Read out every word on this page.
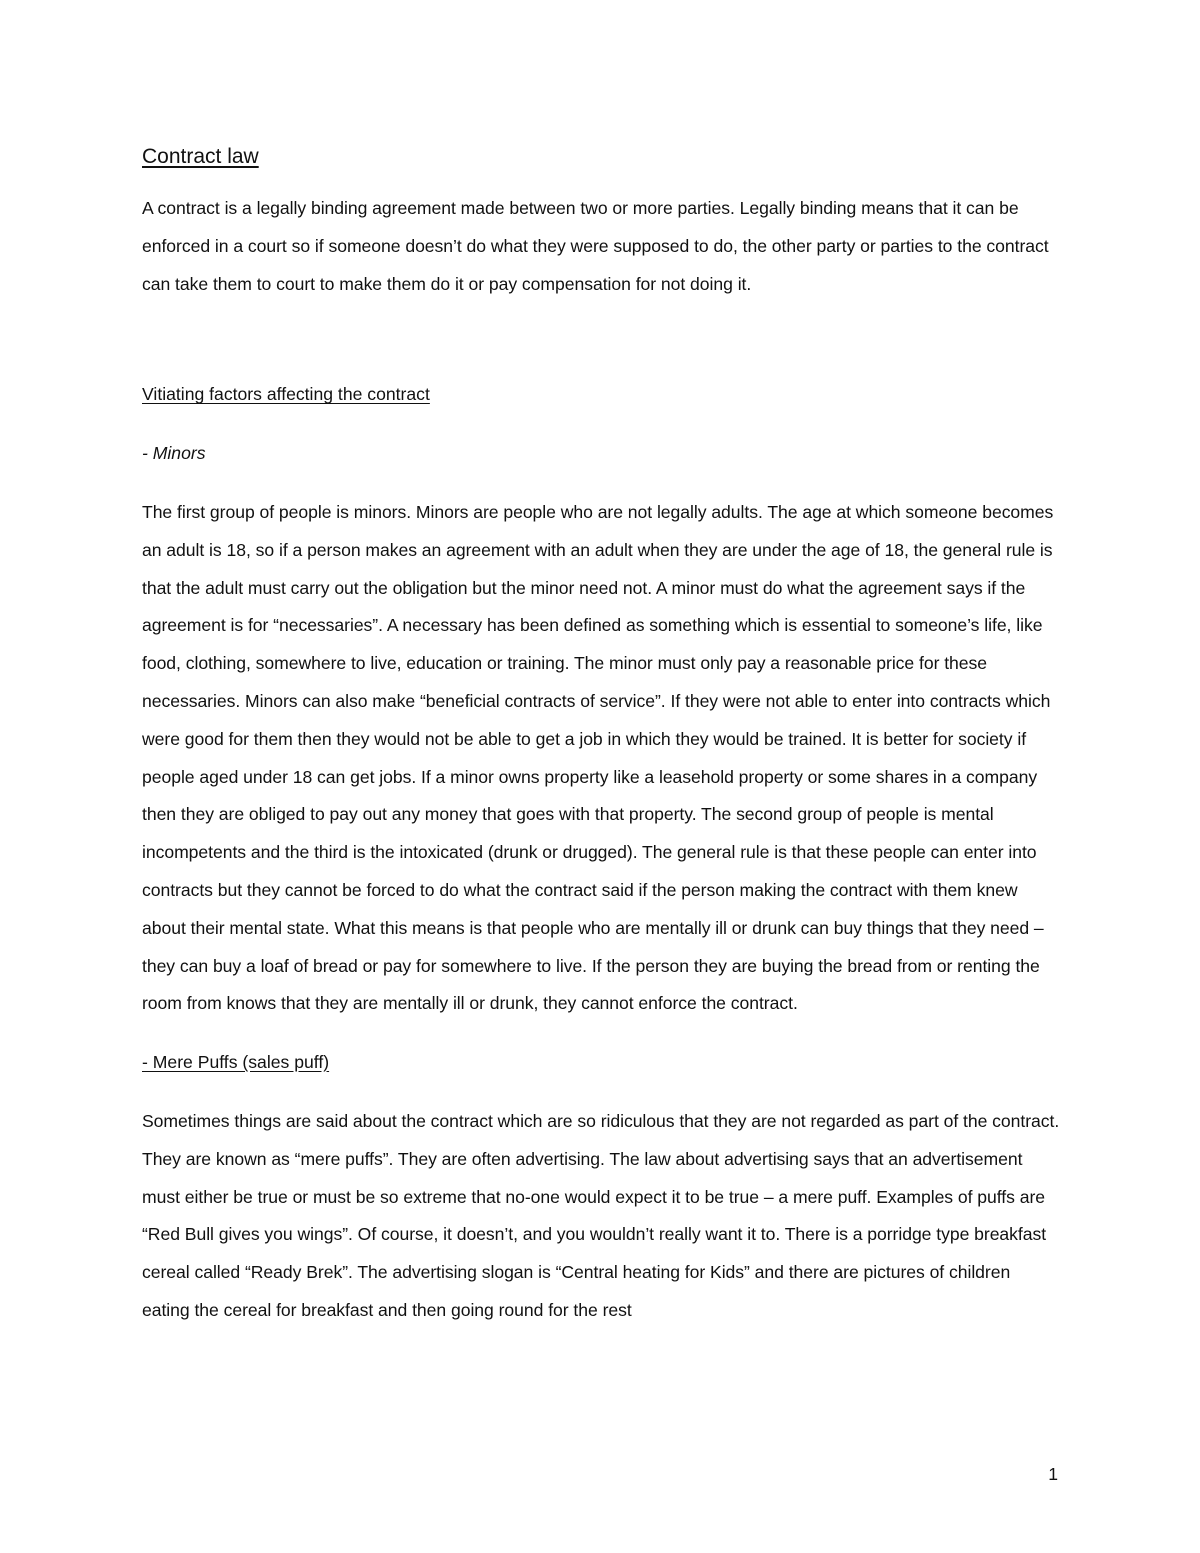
Contract law

A contract is a legally binding agreement made between two or more parties. Legally binding means that it can be enforced in a court so if someone doesn’t do what they were supposed to do, the other party or parties to the contract can take them to court to make them do it or pay compensation for not doing it.

Vitiating factors affecting the contract
- Minors

The first group of people is minors. Minors are people who are not legally adults. The age at which someone becomes an adult is 18, so if a person makes an agreement with an adult when they are under the age of 18, the general rule is that the adult must carry out the obligation but the minor need not. A minor must do what the agreement says if the agreement is for “necessaries”. A necessary has been defined as something which is essential to someone’s life, like food, clothing, somewhere to live, education or training. The minor must only pay a reasonable price for these necessaries. Minors can also make “beneficial contracts of service”. If they were not able to enter into contracts which were good for them then they would not be able to get a job in which they would be trained. It is better for society if people aged under 18 can get jobs. If a minor owns property like a leasehold property or some shares in a company then they are obliged to pay out any money that goes with that property. The second group of people is mental incompetents and the third is the intoxicated (drunk or drugged). The general rule is that these people can enter into contracts but they cannot be forced to do what the contract said if the person making the contract with them knew about their mental state. What this means is that people who are mentally ill or drunk can buy things that they need – they can buy a loaf of bread or pay for somewhere to live. If the person they are buying the bread from or renting the room from knows that they are mentally ill or drunk, they cannot enforce the contract.

- Mere Puffs (sales puff)

Sometimes things are said about the contract which are so ridiculous that they are not regarded as part of the contract. They are known as “mere puffs”. They are often advertising. The law about advertising says that an advertisement must either be true or must be so extreme that no-one would expect it to be true – a mere puff. Examples of puffs are “Red Bull gives you wings”. Of course, it doesn’t, and you wouldn’t really want it to. There is a porridge type breakfast cereal called “Ready Brek”. The advertising slogan is “Central heating for Kids” and there are pictures of children eating the cereal for breakfast and then going round for the rest

1
